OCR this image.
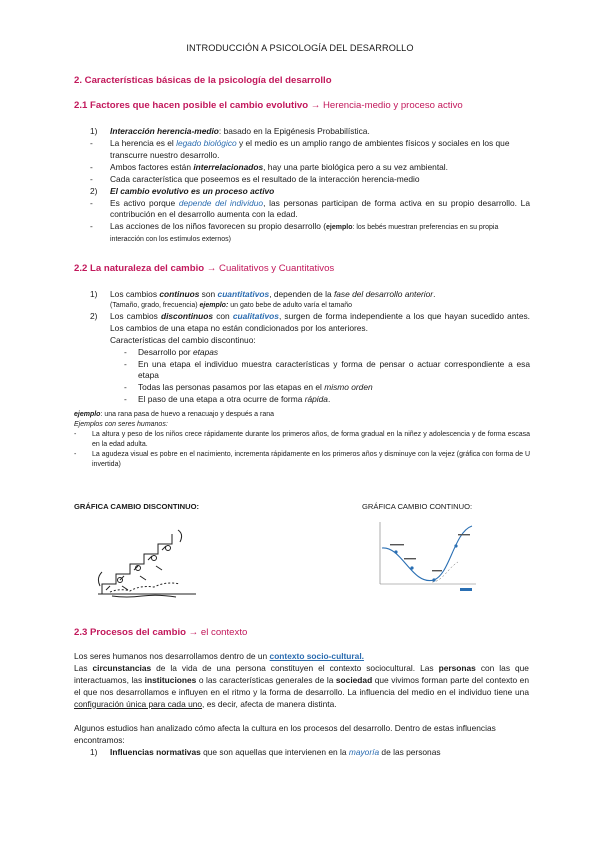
INTRODUCCIÓN A PSICOLOGÍA DEL DESARROLLO
2. Características básicas de la psicología del desarrollo
2.1 Factores que hacen posible el cambio evolutivo → Herencia-medio y proceso activo
1) Interacción herencia-medio: basado en la Epigénesis Probabilística.
- La herencia es el legado biológico y el medio es un amplio rango de ambientes físicos y sociales en los que transcurre nuestro desarrollo.
- Ambos factores están interrelacionados, hay una parte biológica pero a su vez ambiental.
- Cada característica que poseemos es el resultado de la interacción herencia-medio
2) El cambio evolutivo es un proceso activo
- Es activo porque depende del individuo, las personas participan de forma activa en su propio desarrollo. La contribución en el desarrollo aumenta con la edad.
- Las acciones de los niños favorecen su propio desarrollo (ejemplo: los bebés muestran preferencias en su propia interacción con los estímulos externos)
2.2 La naturaleza del cambio → Cualitativos y Cuantitativos
1) Los cambios continuos son cuantitativos, dependen de la fase del desarrollo anterior.
(Tamaño, grado, frecuencia) ejemplo: un gato bebe de adulto varía el tamaño
2) Los cambios discontinuos con cualitativos, surgen de forma independiente a los que hayan sucedido antes. Los cambios de una etapa no están condicionados por los anteriores.
Características del cambio discontinuo:
- Desarrollo por etapas
- En una etapa el individuo muestra características y forma de pensar o actuar correspondiente a esa etapa
- Todas las personas pasamos por las etapas en el mismo orden
- El paso de una etapa a otra ocurre de forma rápida.
ejemplo: una rana pasa de huevo a renacuajo y después a rana
Ejemplos con seres humanos:
- La altura y peso de los niños crece rápidamente durante los primeros años, de forma gradual en la niñez y adolescencia y de forma escasa en la edad adulta.
- La agudeza visual es pobre en el nacimiento, incrementa rápidamente en los primeros años y disminuye con la vejez (gráfica con forma de U invertida)
GRÁFICA CAMBIO DISCONTINUO:	GRÁFICA CAMBIO CONTINUO:
2.3 Procesos del cambio → el contexto
Los seres humanos nos desarrollamos dentro de un contexto socio-cultural.
Las circunstancias de la vida de una persona constituyen el contexto sociocultural. Las personas con las que interactuamos, las instituciones o las características generales de la sociedad que vivimos forman parte del contexto en el que nos desarrollamos e influyen en el ritmo y la forma de desarrollo. La influencia del medio en el individuo tiene una configuración única para cada uno, es decir, afecta de manera distinta.
Algunos estudios han analizado cómo afecta la cultura en los procesos del desarrollo. Dentro de estas influencias encontramos:
1) Influencias normativas que son aquellas que intervienen en la mayoría de las personas
